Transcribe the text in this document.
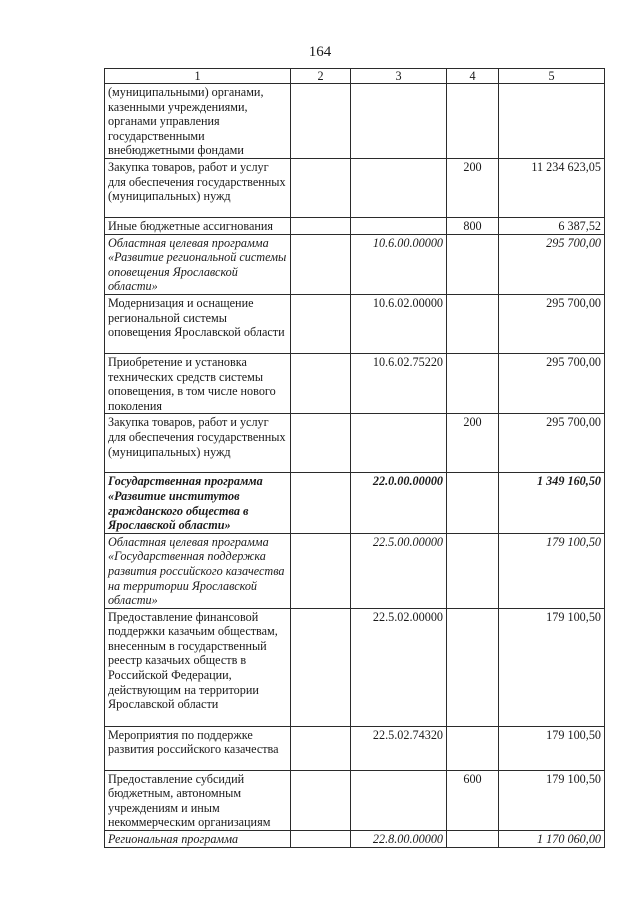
164
1	2	3	4	5
(муниципальными) органами, казенными учреждениями, органами управления государственными внебюджетными фондами				
Закупка товаров, работ и услуг для обеспечения государственных (муниципальных) нужд			200	11 234 623,05
Иные бюджетные ассигнования			800	6 387,52
Областная целевая программа «Развитие региональной системы оповещения Ярославской области»		10.6.00.00000		295 700,00
Модернизация и оснащение региональной системы оповещения Ярославской области		10.6.02.00000		295 700,00
Приобретение и установка технических средств системы оповещения, в том числе нового поколения		10.6.02.75220		295 700,00
Закупка товаров, работ и услуг для обеспечения государственных (муниципальных) нужд			200	295 700,00
Государственная программа «Развитие институтов гражданского общества в Ярославской области»		22.0.00.00000		1 349 160,50
Областная целевая программа «Государственная поддержка развития российского казачества на территории Ярославской области»		22.5.00.00000		179 100,50
Предоставление финансовой поддержки казачьим обществам, внесенным в государственный реестр казачьих обществ в Российской Федерации, действующим на территории Ярославской области		22.5.02.00000		179 100,50
Мероприятия по поддержке развития российского казачества		22.5.02.74320		179 100,50
Предоставление субсидий бюджетным, автономным учреждениям и иным некоммерческим организациям			600	179 100,50
Региональная программа		22.8.00.00000		1 170 060,00
